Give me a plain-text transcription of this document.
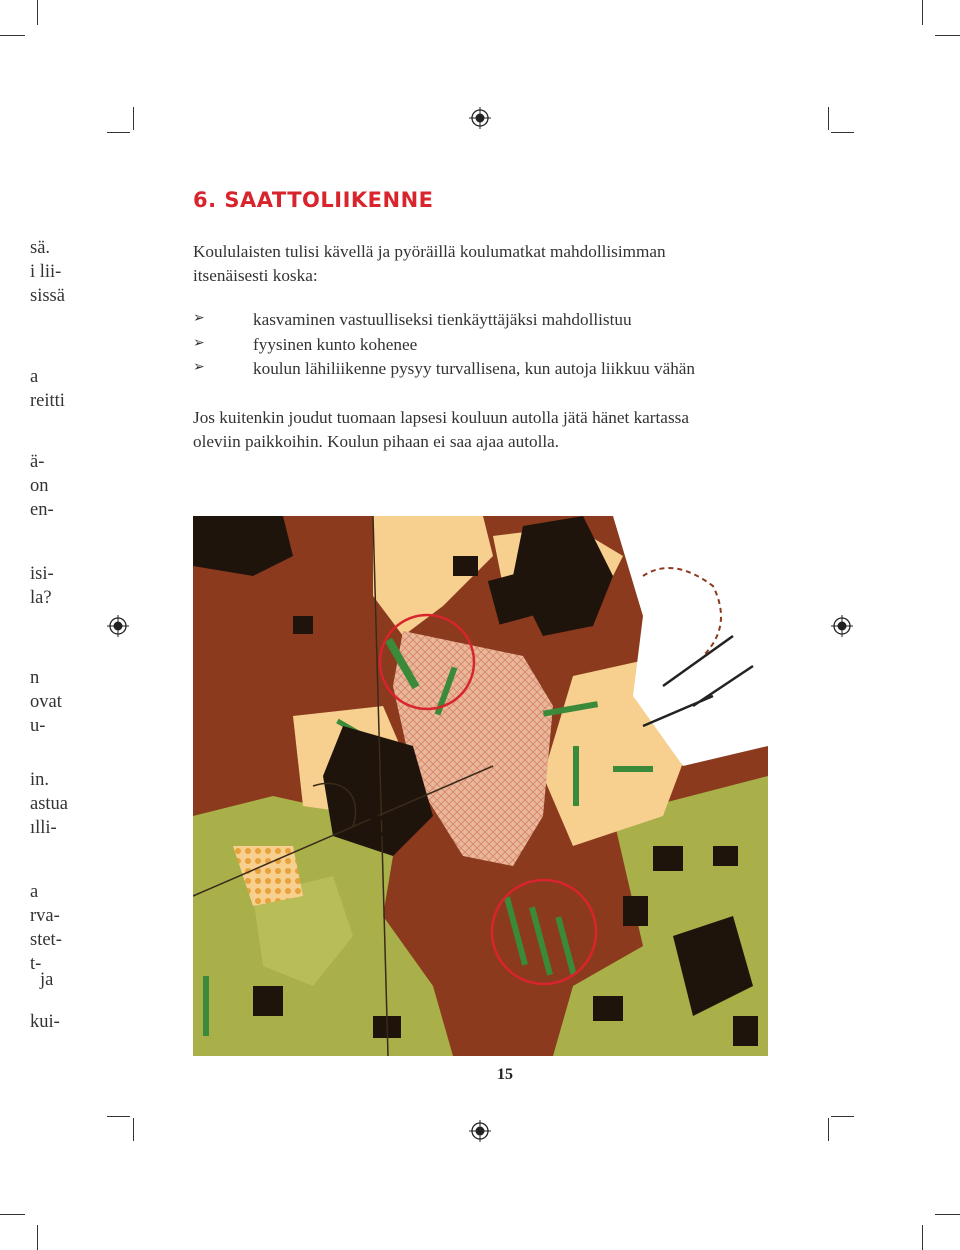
sä.
i lii-
sissä
a
reitti
ä-
on
en-
isi-
la?
n
ovat
u-
in.
astua
ılli-
a
rva-
stet-
t-
ja
kui-
6. SAATTOLIIKENNE
Koululaisten tulisi kävellä ja pyöräillä koulumatkat mahdollisimman
itsenäisesti koska:
➢	kasvaminen vastuulliseksi tienkäyttäjäksi mahdollistuu
➢	fyysinen kunto kohenee
➢	koulun lähiliikenne pysyy turvallisena, kun autoja liikkuu vähän
Jos kuitenkin joudut tuomaan lapsesi kouluun autolla jätä hänet kartassa
oleviin paikkoihin. Koulun pihaan ei saa ajaa autolla.
15
